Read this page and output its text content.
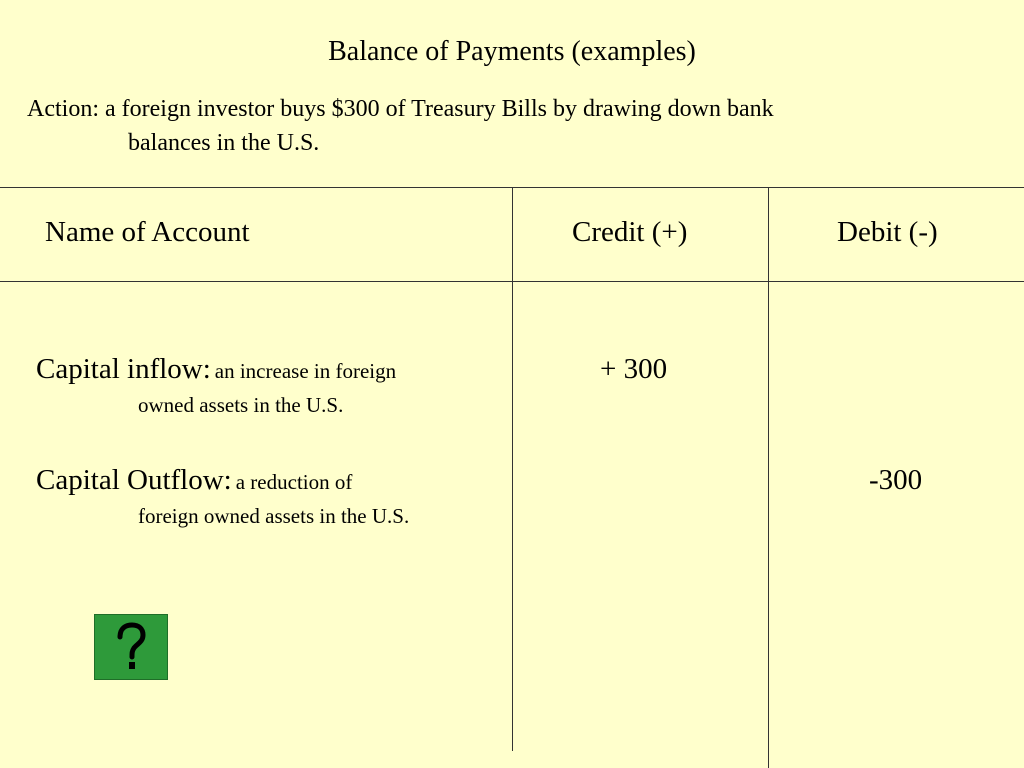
Balance of Payments (examples)
Action: a foreign investor buys $300 of Treasury Bills by drawing down bank
balances in the U.S.
Name of Account	Credit (+)	Debit (-)
Capital inflow: an increase in foreign
owned assets in the U.S.
+ 300
Capital Outflow: a reduction of
foreign owned assets in the U.S.
-300
